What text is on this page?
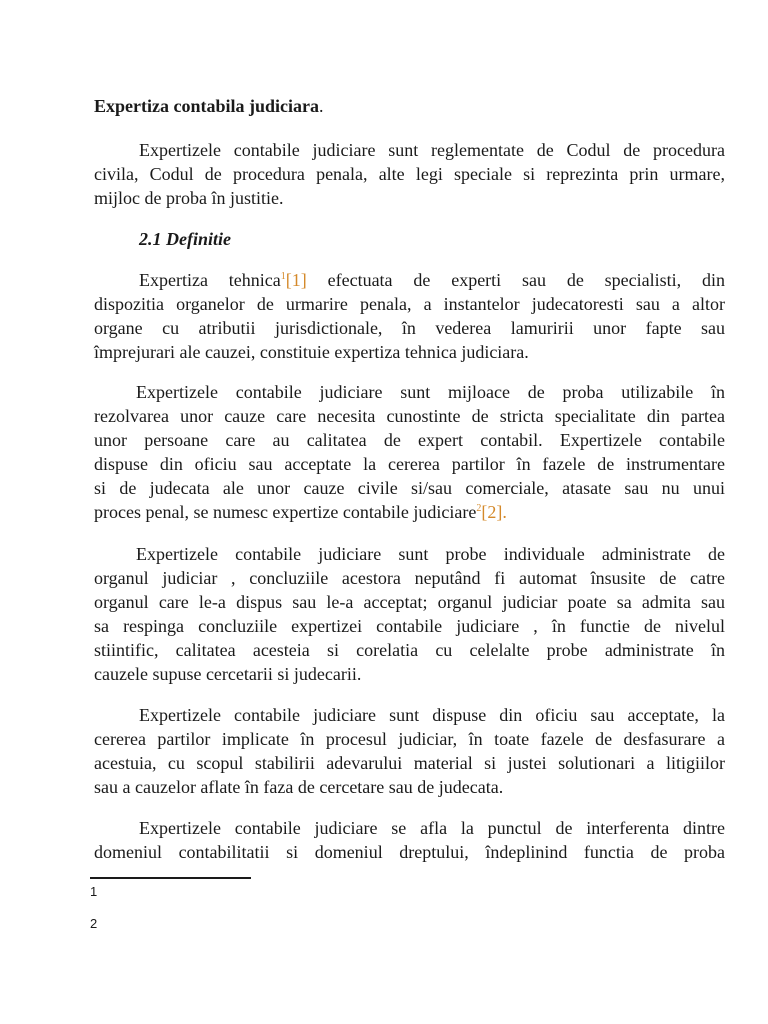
Expertiza contabila judiciara.

Expertizele contabile judiciare sunt reglementate de Codul de procedura
civila, Codul de procedura penala, alte legi speciale si reprezinta prin urmare,
mijloc de proba în justitie.

2.1 Definitie

Expertiza tehnica$^1$[1] efectuata de experti sau de specialisti, din
dispozitia organelor de urmarire penala, a instantelor judecatoresti sau a altor
organe cu atributii jurisdictionale, în vederea lamuririi unor fapte sau
împrejurari ale cauzei, constituie expertiza tehnica judiciara.

Expertizele contabile judiciare sunt mijloace de proba utilizabile în
rezolvarea unor cauze care necesita cunostinte de stricta specialitate din partea
unor persoane care au calitatea de expert contabil. Expertizele contabile
dispuse din oficiu sau acceptate la cererea partilor în fazele de instrumentare
si de judecata ale unor cauze civile si/sau comerciale, atasate sau nu unui
proces penal, se numesc expertize contabile judiciare$^2$[2].

Expertizele contabile judiciare sunt probe individuale administrate de
organul judiciar , concluziile acestora neputând fi automat însusite de catre
organul care le-a dispus sau le-a acceptat; organul judiciar poate sa admita sau
sa respinga concluziile expertizei contabile judiciare , în functie de nivelul
stiintific, calitatea acesteia si corelatia cu celelalte probe administrate în
cauzele supuse cercetarii si judecarii.

Expertizele contabile judiciare sunt dispuse din oficiu sau acceptate, la
cererea partilor implicate în procesul judiciar, în toate fazele de desfasurare a
acestuia, cu scopul stabilirii adevarului material si justei solutionari a litigiilor
sau a cauzelor aflate în faza de cercetare sau de judecata.

Expertizele contabile judiciare se afla la punctul de interferenta dintre
domeniul contabilitatii si domeniul dreptului, îndeplinind functia de proba

1
2
